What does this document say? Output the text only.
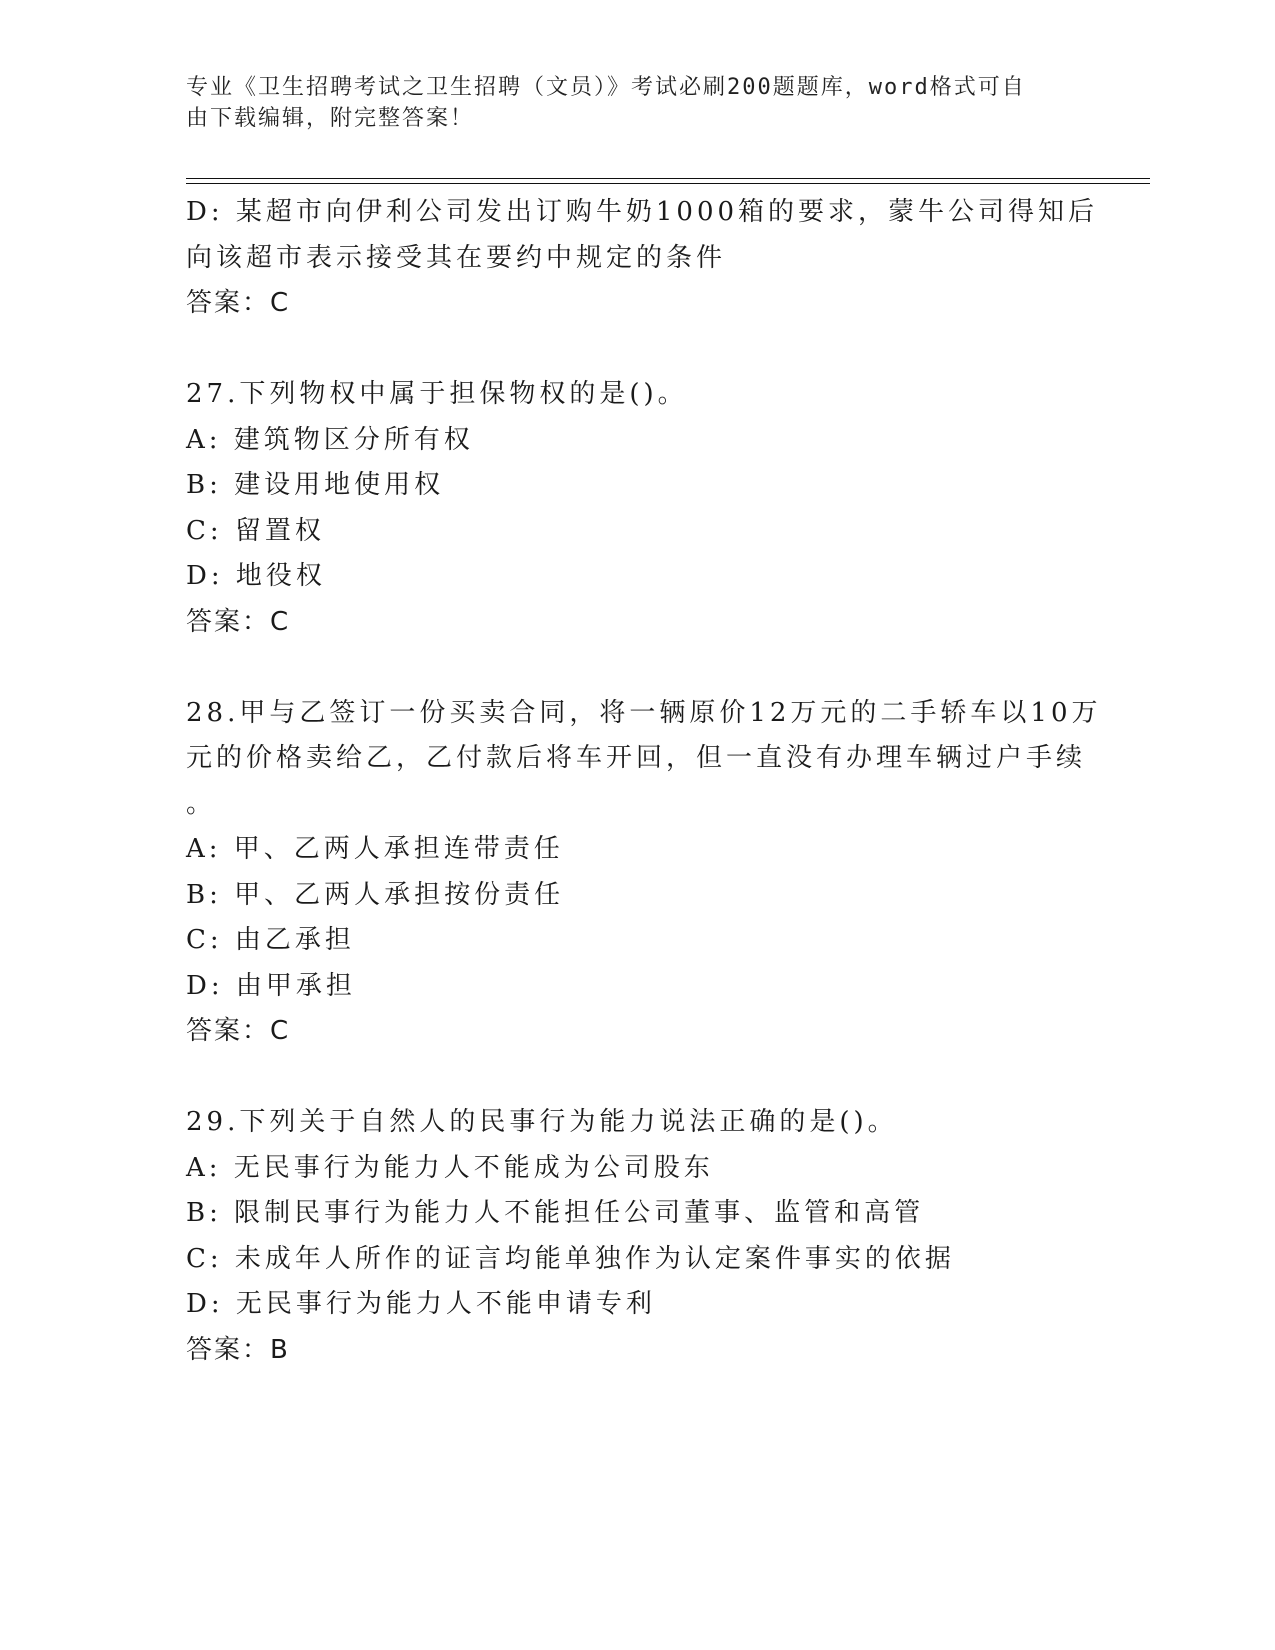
专业《卫生招聘考试之卫生招聘（文员）》考试必刷200题题库，word格式可自
由下载编辑，附完整答案！
D: 某超市向伊利公司发出订购牛奶1000箱的要求，蒙牛公司得知后
向该超市表示接受其在要约中规定的条件
答案：C
27.下列物权中属于担保物权的是()。
A: 建筑物区分所有权
B: 建设用地使用权
C: 留置权
D: 地役权
答案：C
28.甲与乙签订一份买卖合同，将一辆原价12万元的二手轿车以10万
元的价格卖给乙，乙付款后将车开回，但一直没有办理车辆过户手续
。
A: 甲、乙两人承担连带责任
B: 甲、乙两人承担按份责任
C: 由乙承担
D: 由甲承担
答案：C
29.下列关于自然人的民事行为能力说法正确的是()。
A: 无民事行为能力人不能成为公司股东
B: 限制民事行为能力人不能担任公司董事、监管和高管
C: 未成年人所作的证言均能单独作为认定案件事实的依据
D: 无民事行为能力人不能申请专利
答案：B
